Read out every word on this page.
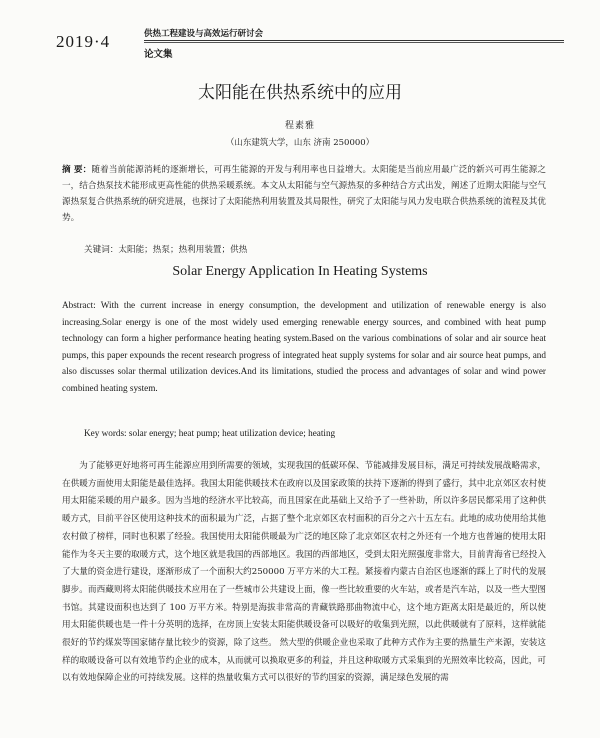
2019·4	供热工程建设与高效运行研讨会
论文集
太阳能在供热系统中的应用
程素雅
（山东建筑大学，山东 济南 250000）
摘 要：随着当前能源消耗的逐渐增长，可再生能源的开发与利用率也日益增大。太阳能是当前应用最广泛的新兴可再生能源之一，结合热泵技术能形成更高性能的供热采暖系统。本文从太阳能与空气源热泵的多种结合方式出发，阐述了近期太阳能与空气源热泵复合供热系统的研究进展，也探讨了太阳能热利用装置及其局限性，研究了太阳能与风力发电联合供热系统的流程及其优势。
关键词：太阳能；热泵；热利用装置；供热
Solar Energy Application In Heating Systems
Abstract: With the current increase in energy consumption, the development and utilization of renewable energy is also increasing.Solar energy is one of the most widely used emerging renewable energy sources, and combined with heat pump technology can form a higher performance heating heating system.Based on the various combinations of solar and air source heat pumps, this paper expounds the recent research progress of integrated heat supply systems for solar and air source heat pumps, and also discusses solar thermal utilization devices.And its limitations, studied the process and advantages of solar and wind power combined heating system.
Key words: solar energy; heat pump; heat utilization device; heating
为了能够更好地将可再生能源应用到所需要的领域，实现我国的低碳环保、节能减排发展目标，满足可持续发展战略需求，在供暖方面使用太阳能是最佳选择。我国太阳能供暖技术在政府以及国家政策的扶持下逐渐的得到了盛行，其中北京郊区农村使用太阳能采暖的用户最多。因为当地的经济水平比较高，而且国家在此基础上又给予了一些补助，所以许多居民都采用了这种供暖方式，目前平谷区使用这种技术的面积最为广泛，占据了整个北京郊区农村面积的百分之六十五左右。此地的成功使用给其他农村做了榜样，同时也积累了经验。我国使用太阳能供暖最为广泛的地区除了北京郊区农村之外还有一个地方也普遍的使用太阳能作为冬天主要的取暖方式，这个地区就是我国的西部地区。我国的西部地区，受到太阳光照强度非常大，目前青海省已经投入了大量的资金进行建设，逐渐形成了一个面积大约250000 万平方米的大工程。紧接着内蒙古自治区也逐渐的踩上了时代的发展脚步。而西藏则将太阳能供暖技术应用在了一些城市公共建设上面，像一些比较重要的火车站，或者是汽车站，以及一些大型图书馆。其建设面积也达到了 100 万平方米。特别是海拔非常高的青藏铁路那曲物流中心，这个地方距离太阳是最近的，所以使用太阳能供暖也是一件十分英明的选择，在房顶上安装太阳能供暖设备可以吸好的收集到光照，以此供暖就有了原料，这样就能很好的节约煤炭等国家储存量比较少的资源，除了这些。 然大型的供暖企业也采取了此种方式作为主要的热量生产来源，安装这样的取暖设备可以有效地节约企业的成本，从而就可以换取更多的利益，并且这种取暖方式采集到的光照效率比较高，因此，可以有效地保障企业的可持续发展。这样的热量收集方式可以很好的节约国家的资源，满足绿色发展的需
